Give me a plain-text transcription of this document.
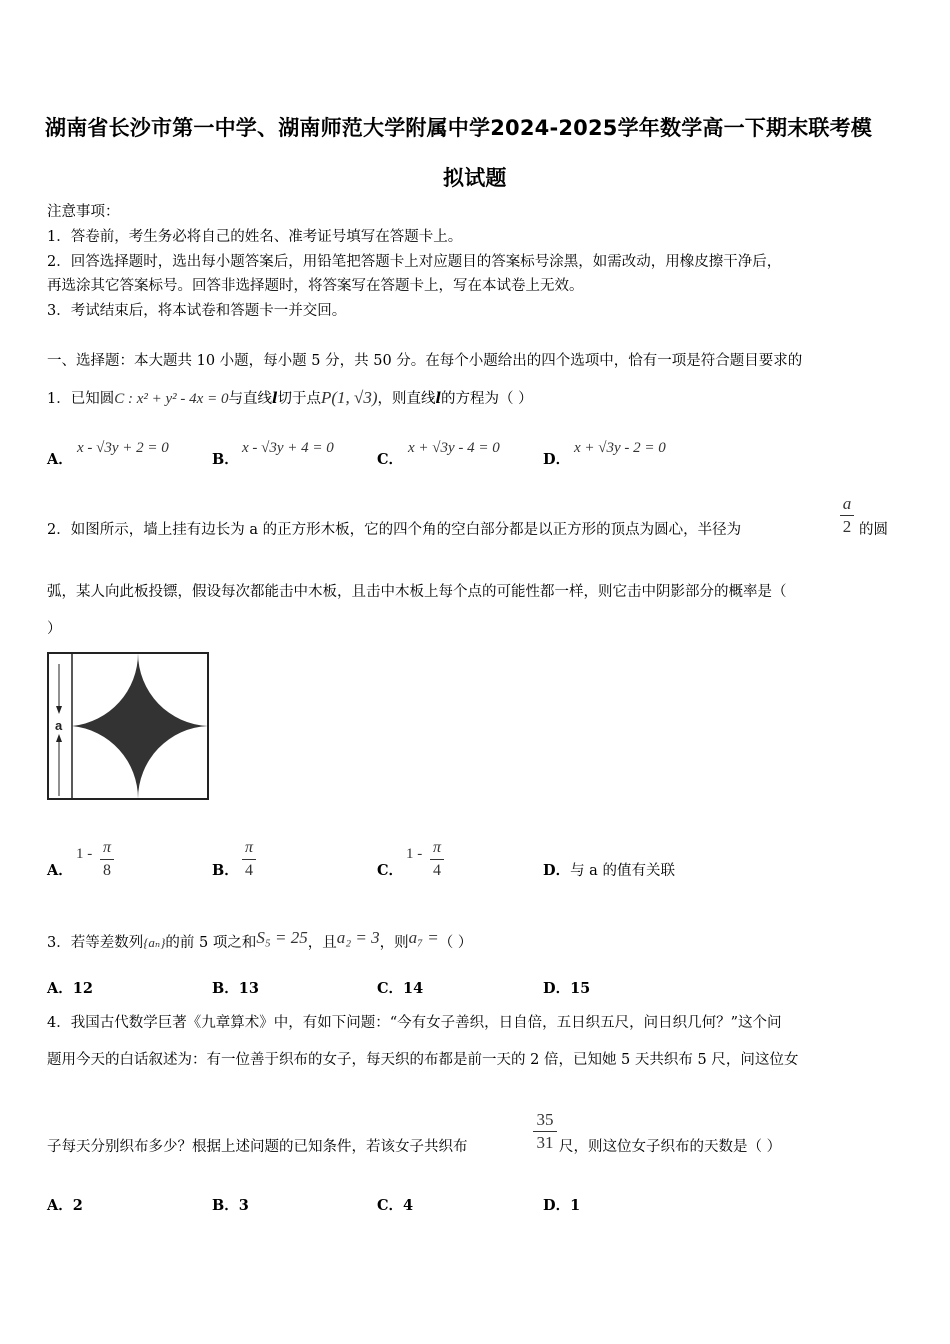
湖南省长沙市第一中学、湖南师范大学附属中学2024-2025学年数学高一下期末联考模
拟试题
注意事项：
1．答卷前，考生务必将自己的姓名、准考证号填写在答题卡上。
2．回答选择题时，选出每小题答案后，用铅笔把答题卡上对应题目的答案标号涂黑，如需改动，用橡皮擦干净后，
再选涂其它答案标号。回答非选择题时，将答案写在答题卡上，写在本试卷上无效。
3．考试结束后，将本试卷和答题卡一并交回。
一、选择题：本大题共 10 小题，每小题 5 分，共 50 分。在每个小题给出的四个选项中，恰有一项是符合题目要求的
1．已知圆C : x² + y² - 4x = 0与直线l切于点P(1, √3)，则直线l的方程为（ ）
A．
x - √3y + 2 = 0
B．
x - √3y + 4 = 0
C．
x + √3y - 4 = 0
D．
x + √3y - 2 = 0
2．如图所示，墙上挂有边长为 a 的正方形木板，它的四个角的空白部分都是以正方形的顶点为圆心，半径为
a
2 的圆
弧，某人向此板投镖，假设每次都能击中木板，且击中木板上每个点的可能性都一样，则它击中阴影部分的概率是（
）
a
A．
1 - π
8	B．
π
4	C．
1 - π
4	D．与 a 的值有关联
3．若等差数列{aₙ}的前 5 项之和S₅ = 25，且a₂ = 3，则a₇ =（ ）
A．12	B．13	C．14	D．15
4．我国古代数学巨著《九章算术》中，有如下问题：“今有女子善织，日自倍，五日织五尺，问日织几何？”这个问
题用今天的白话叙述为：有一位善于织布的女子，每天织的布都是前一天的 2 倍，已知她 5 天共织布 5 尺，问这位女
子每天分别织布多少？根据上述问题的已知条件，若该女子共织布
35
31 尺，则这位女子织布的天数是（ ）
A．2	B．3	C．4	D．1
